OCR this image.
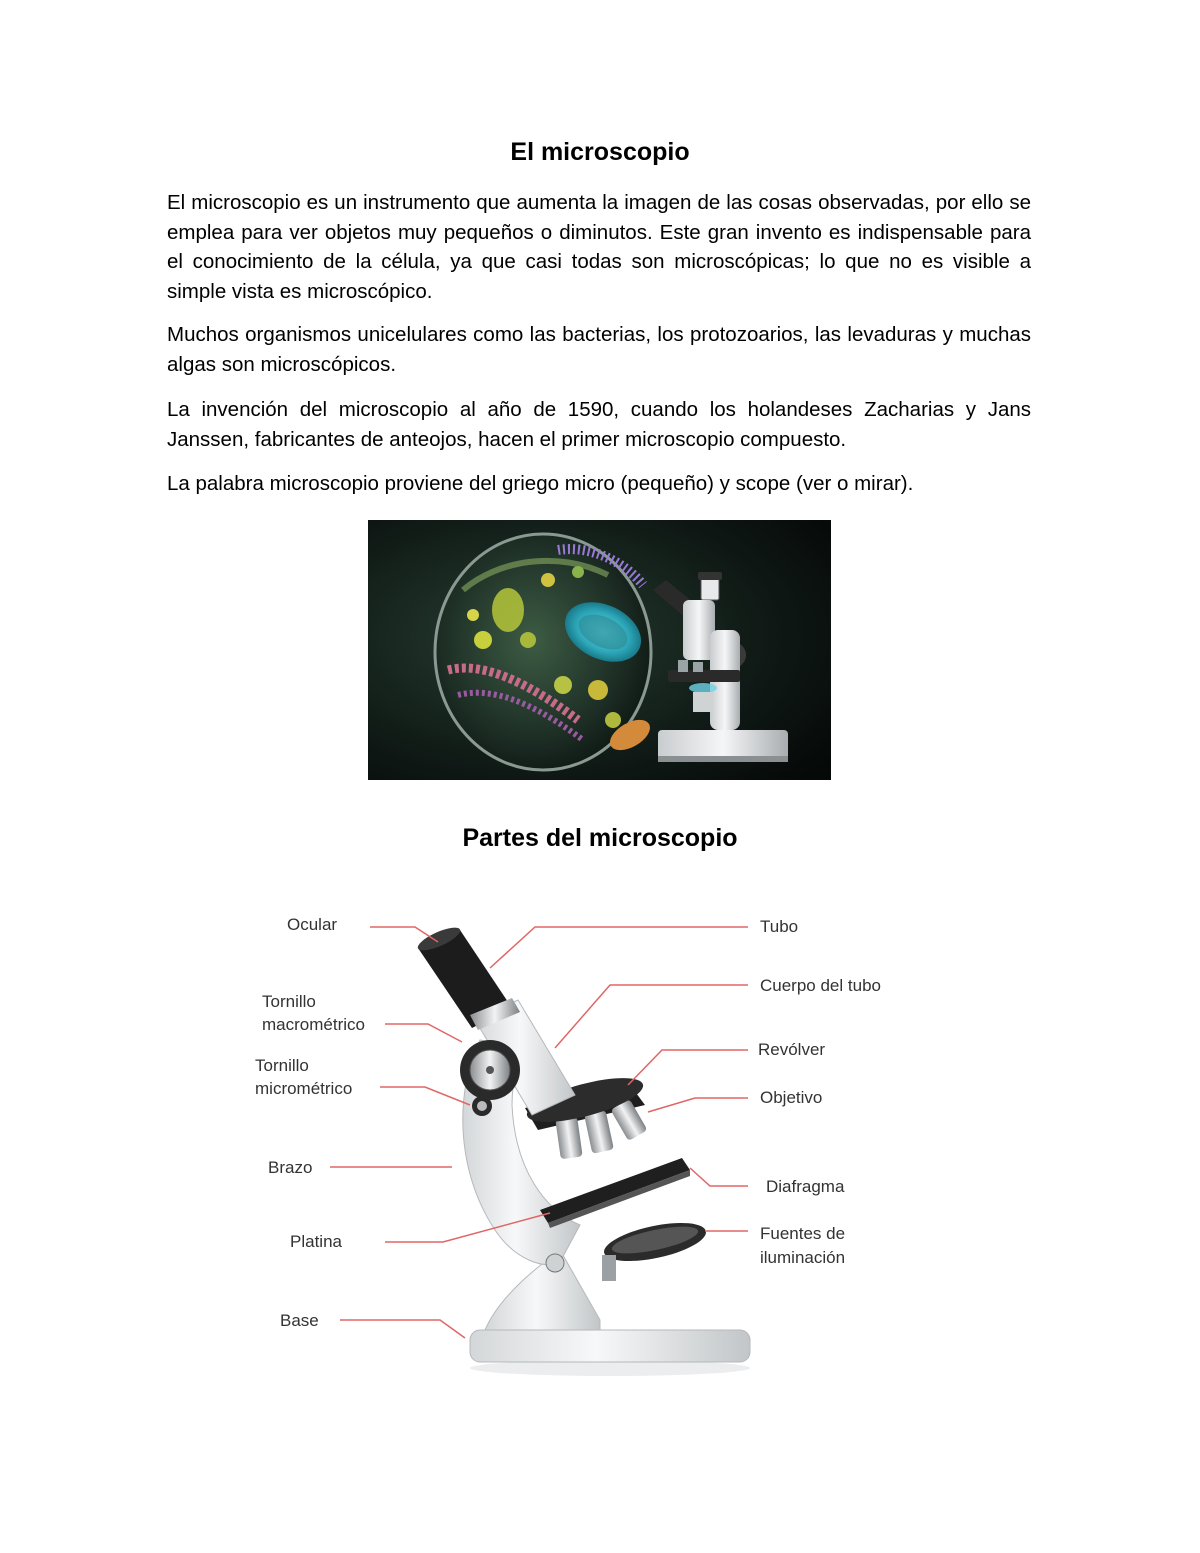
El microscopio
El microscopio es un instrumento que aumenta la imagen de las cosas observadas, por ello se emplea para ver objetos muy pequeños o diminutos. Este gran invento es indispensable para el conocimiento de la célula, ya que casi todas son microscópicas; lo que no es visible a simple vista es microscópico.
Muchos organismos unicelulares como las bacterias, los protozoarios, las levaduras y muchas algas son microscópicos.
La invención del microscopio al año de 1590, cuando los holandeses Zacharias y Jans Janssen, fabricantes de anteojos, hacen el primer microscopio compuesto.
La palabra microscopio proviene del griego micro (pequeño) y scope (ver o mirar).
Partes del microscopio
Ocular
Tornillo
macrométrico
Tornillo
micrométrico
Brazo
Platina
Base
Tubo
Cuerpo del tubo
Revólver
Objetivo
Diafragma
Fuentes de
iluminación
